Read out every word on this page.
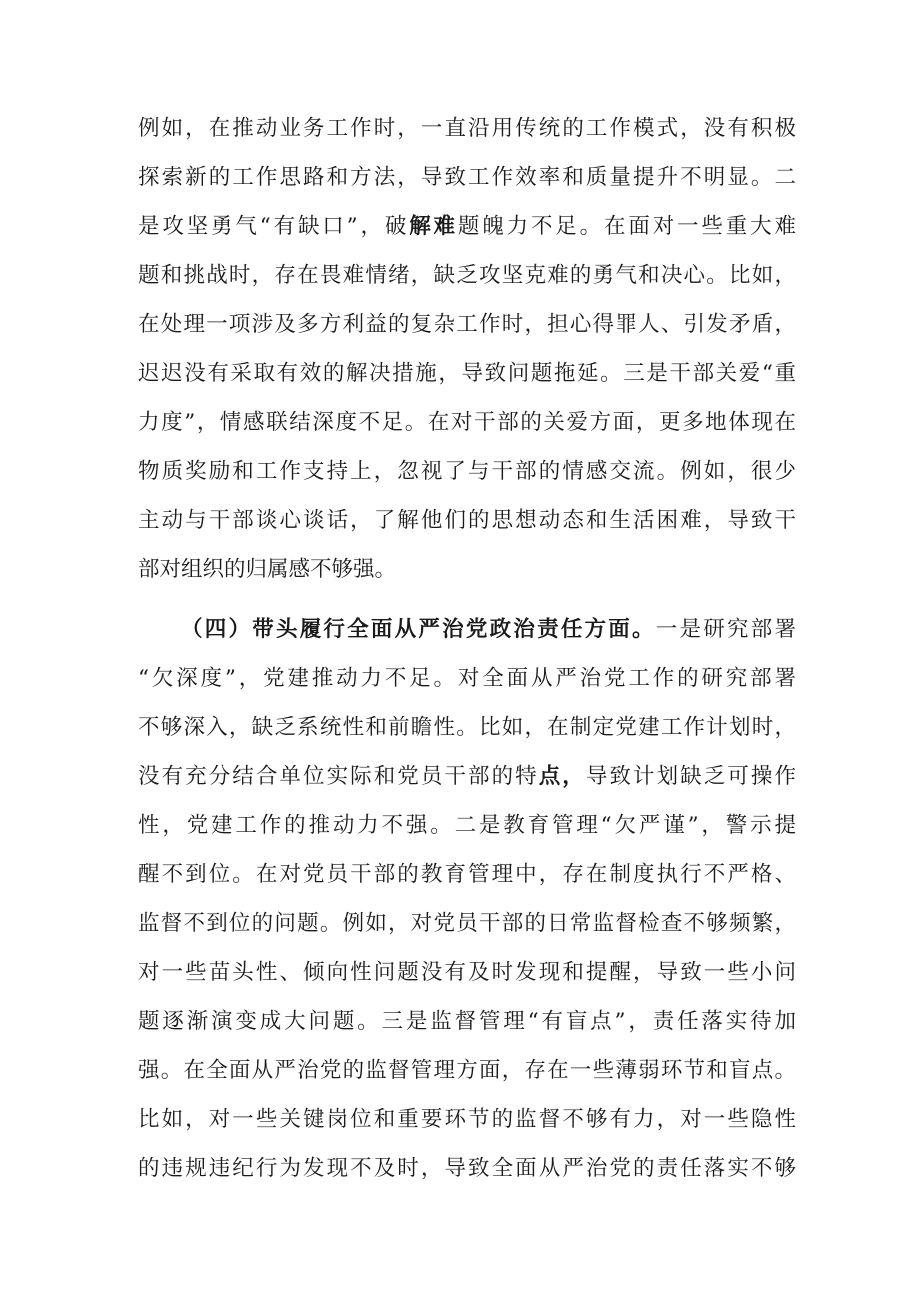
例如，在推动业务工作时，一直沿用传统的工作模式，没有积极
探索新的工作思路和方法，导致工作效率和质量提升不明显。二
是攻坚勇气“有缺口”，破解难题魄力不足。在面对一些重大难
题和挑战时，存在畏难情绪，缺乏攻坚克难的勇气和决心。比如，
在处理一项涉及多方利益的复杂工作时，担心得罪人、引发矛盾，
迟迟没有采取有效的解决措施，导致问题拖延。三是干部关爱“重
力度”，情感联结深度不足。在对干部的关爱方面，更多地体现在
物质奖励和工作支持上，忽视了与干部的情感交流。例如，很少
主动与干部谈心谈话，了解他们的思想动态和生活困难，导致干
部对组织的归属感不够强。
（四）带头履行全面从严治党政治责任方面。一是研究部署
“欠深度”，党建推动力不足。对全面从严治党工作的研究部署
不够深入，缺乏系统性和前瞻性。比如，在制定党建工作计划时，
没有充分结合单位实际和党员干部的特点，导致计划缺乏可操作
性，党建工作的推动力不强。二是教育管理“欠严谨”，警示提
醒不到位。在对党员干部的教育管理中，存在制度执行不严格、
监督不到位的问题。例如，对党员干部的日常监督检查不够频繁，
对一些苗头性、倾向性问题没有及时发现和提醒，导致一些小问
题逐渐演变成大问题。三是监督管理“有盲点”，责任落实待加
强。在全面从严治党的监督管理方面，存在一些薄弱环节和盲点。
比如，对一些关键岗位和重要环节的监督不够有力，对一些隐性
的违规违纪行为发现不及时，导致全面从严治党的责任落实不够
